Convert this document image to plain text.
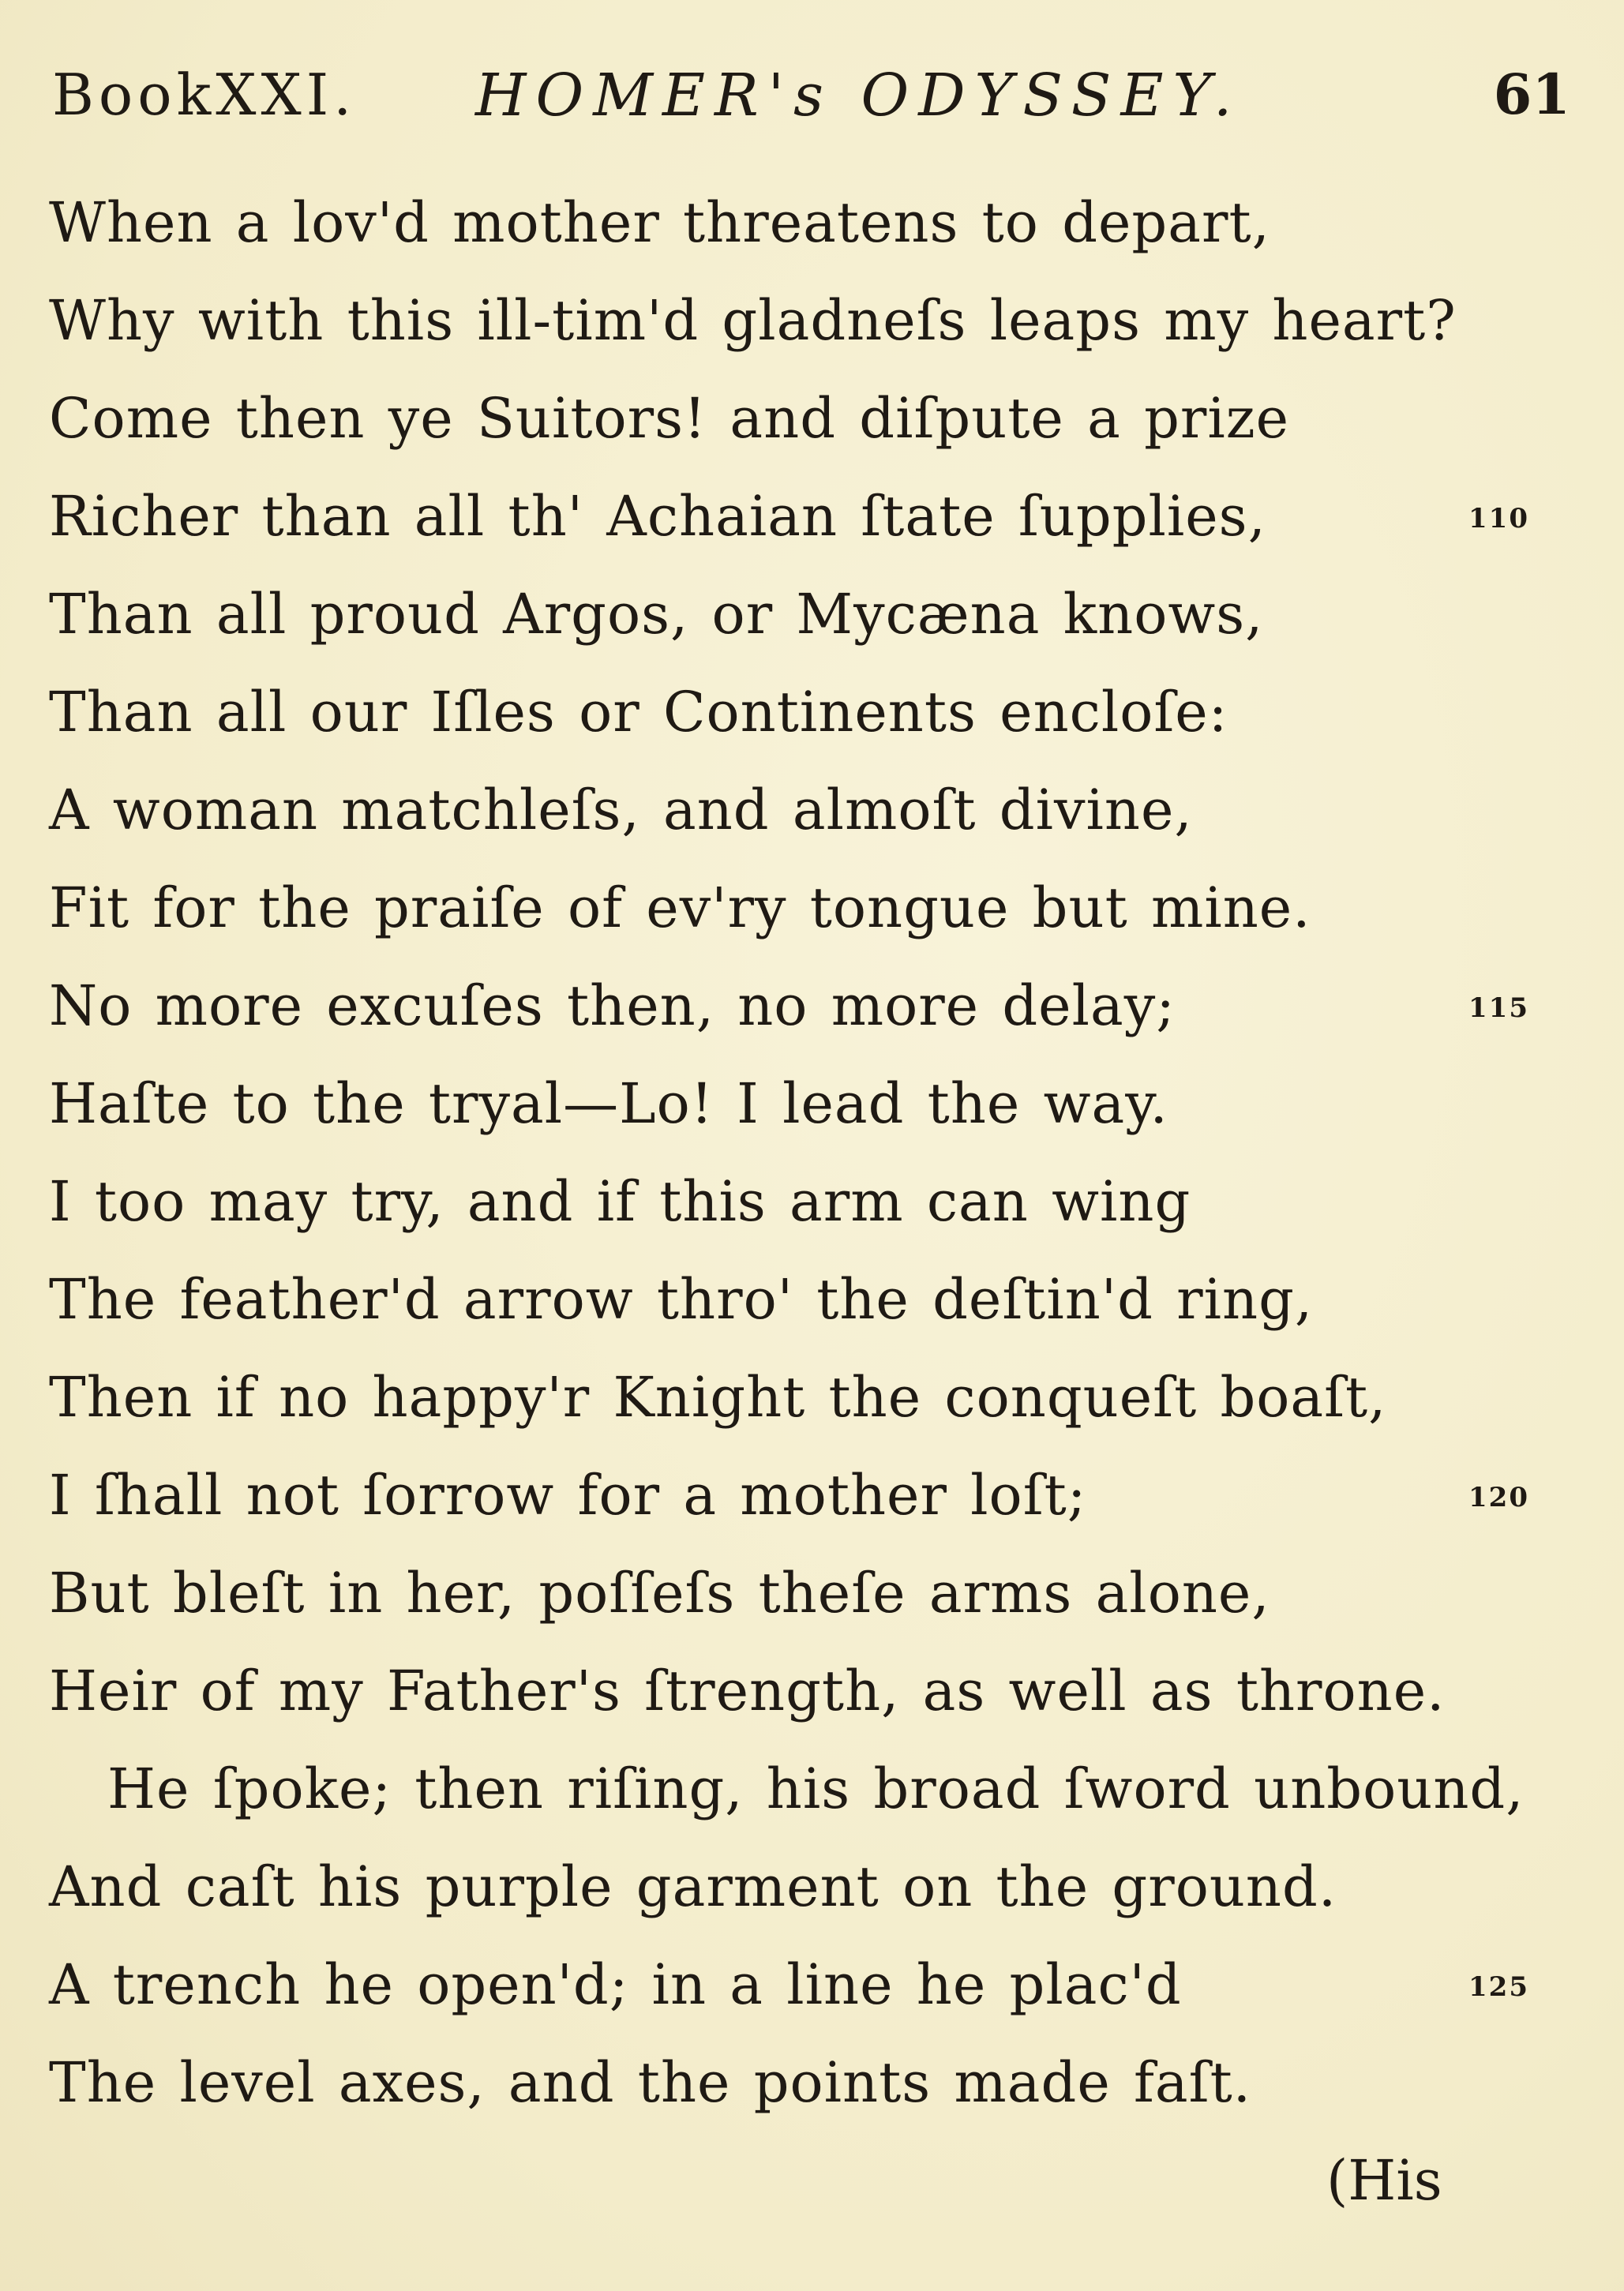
BookXXI. HOMER's ODYSSEY.	61
When a lov'd mother threatens to depart,
Why with this ill-tim'd gladneſs leaps my heart?
Come then ye Suitors! and diſpute a prize
Richer than all th' Achaian ſtate ſupplies,	110
Than all proud Argos, or Mycæna knows,
Than all our Iſles or Continents encloſe:
A woman matchleſs, and almoſt divine,
Fit for the praiſe of ev'ry tongue but mine.
No more excuſes then, no more delay;	115
Haſte to the tryal—Lo! I lead the way.
I too may try, and if this arm can wing
The feather'd arrow thro' the deſtin'd ring,
Then if no happy'r Knight the conqueſt boaſt,
I ſhall not ſorrow for a mother loſt;	120
But bleſt in her, poſſeſs theſe arms alone,
Heir of my Father's ſtrength, as well as throne.
He ſpoke; then riſing, his broad ſword unbound,
And caſt his purple garment on the ground.
A trench he open'd; in a line he plac'd	125
The level axes, and the points made faſt.
(His
